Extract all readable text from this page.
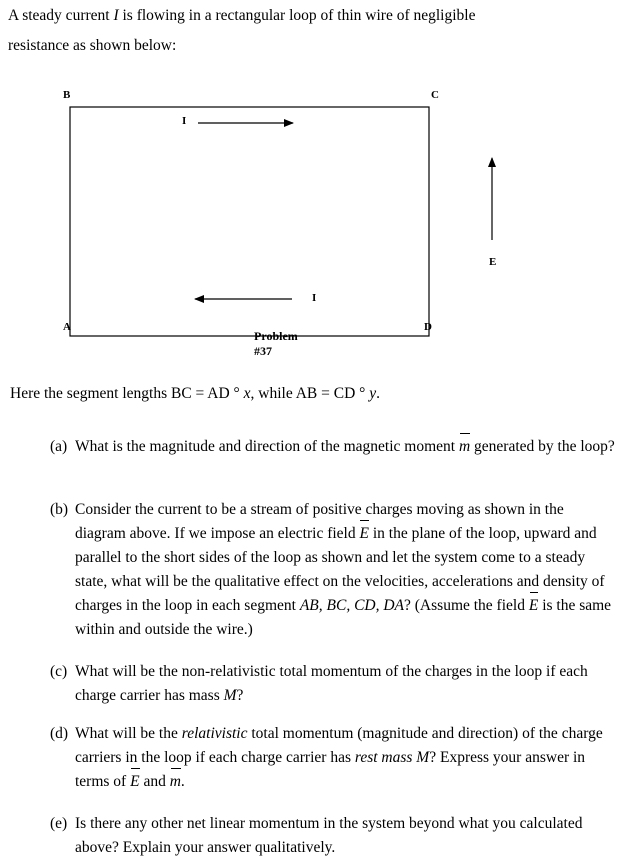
A steady current I is flowing in a rectangular loop of thin wire of negligible
resistance as shown below:
B	C
A	D
I
I
E
Problem #37
Here the segment lengths BC = AD ° x, while AB = CD ° y.
(a) What is the magnitude and direction of the magnetic moment m generated by the loop?
(b) Consider the current to be a stream of positive charges moving as shown in the diagram above. If we impose an electric field E in the plane of the loop, upward and parallel to the short sides of the loop as shown and let the system come to a steady state, what will be the qualitative effect on the velocities, accelerations and density of charges in the loop in each segment AB, BC, CD, DA? (Assume the field E is the same within and outside the wire.)
(c) What will be the non-relativistic total momentum of the charges in the loop if each charge carrier has mass M?
(d) What will be the relativistic total momentum (magnitude and direction) of the charge carriers in the loop if each charge carrier has rest mass M? Express your answer in terms of E and m.
(e) Is there any other net linear momentum in the system beyond what you calculated above? Explain your answer qualitatively.
